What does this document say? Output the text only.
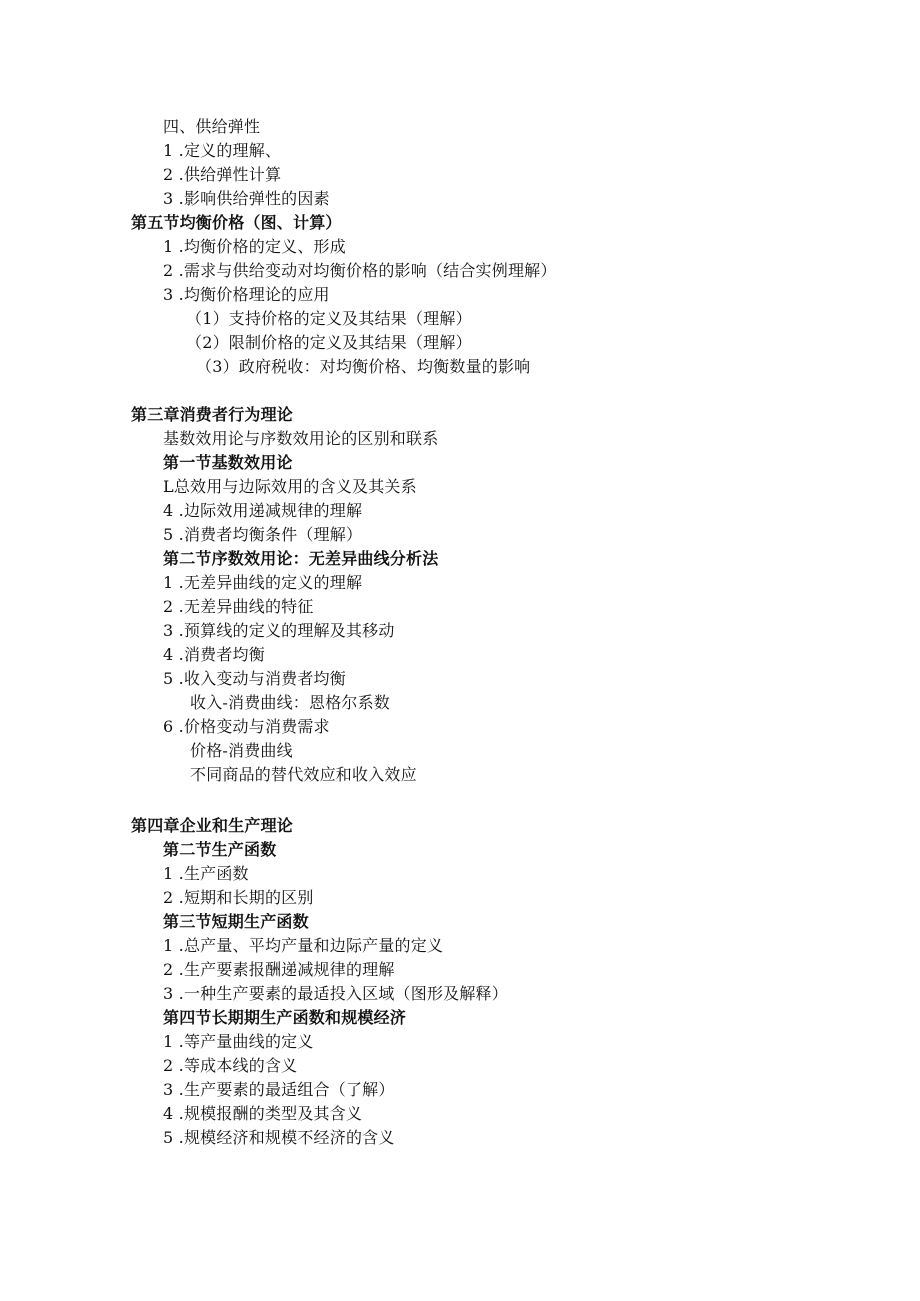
四、供给弹性
1 .定义的理解、
2 .供给弹性计算
3 .影响供给弹性的因素
第五节均衡价格（图、计算）
1 .均衡价格的定义、形成
2 .需求与供给变动对均衡价格的影响（结合实例理解）
3 .均衡价格理论的应用
（1）支持价格的定义及其结果（理解）
（2）限制价格的定义及其结果（理解）
（3）政府税收：对均衡价格、均衡数量的影响
第三章消费者行为理论
基数效用论与序数效用论的区别和联系
第一节基数效用论
L总效用与边际效用的含义及其关系
4 .边际效用递减规律的理解
5 .消费者均衡条件（理解）
第二节序数效用论：无差异曲线分析法
1 .无差异曲线的定义的理解
2 .无差异曲线的特征
3 .预算线的定义的理解及其移动
4 .消费者均衡
5 .收入变动与消费者均衡
收入-消费曲线：恩格尔系数
6 .价格变动与消费需求
价格-消费曲线
不同商品的替代效应和收入效应
第四章企业和生产理论
第二节生产函数
1 .生产函数
2 .短期和长期的区别
第三节短期生产函数
1 .总产量、平均产量和边际产量的定义
2 .生产要素报酬递减规律的理解
3 .一种生产要素的最适投入区域（图形及解释）
第四节长期期生产函数和规模经济
1 .等产量曲线的定义
2 .等成本线的含义
3 .生产要素的最适组合（了解）
4 .规模报酬的类型及其含义
5 .规模经济和规模不经济的含义
